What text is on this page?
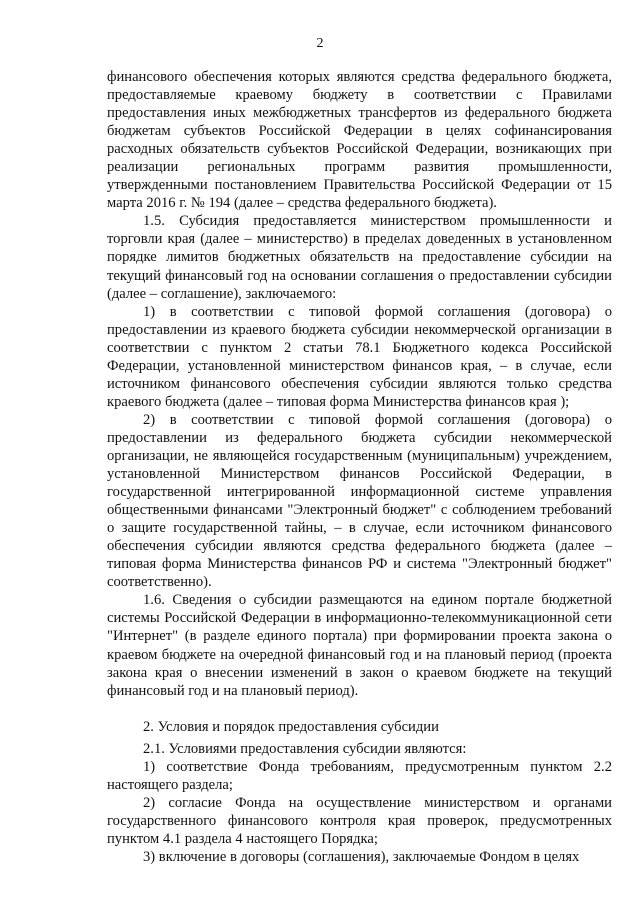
2

финансового обеспечения которых являются средства федерального бюджета, предоставляемые краевому бюджету в соответствии с Правилами предоставления иных межбюджетных трансфертов из федерального бюджета бюджетам субъектов Российской Федерации в целях софинансирования расходных обязательств субъектов Российской Федерации, возникающих при реализации региональных программ развития промышленности, утвержденными постановлением Правительства Российской Федерации от 15 марта 2016 г. № 194 (далее – средства федерального бюджета).

1.5. Субсидия предоставляется министерством промышленности и торговли края (далее – министерство) в пределах доведенных в установленном порядке лимитов бюджетных обязательств на предоставление субсидии на текущий финансовый год на основании соглашения о предоставлении субсидии (далее – соглашение), заключаемого:

1) в соответствии с типовой формой соглашения (договора) о предоставлении из краевого бюджета субсидии некоммерческой организации в соответствии с пунктом 2 статьи 78.1 Бюджетного кодекса Российской Федерации, установленной министерством финансов края, – в случае, если источником финансового обеспечения субсидии являются только средства краевого бюджета (далее – типовая форма Министерства финансов края );

2) в соответствии с типовой формой соглашения (договора) о предоставлении из федерального бюджета субсидии некоммерческой организации, не являющейся государственным (муниципальным) учреждением, установленной Министерством финансов Российской Федерации, в государственной интегрированной информационной системе управления общественными финансами "Электронный бюджет" с соблюдением требований о защите государственной тайны, – в случае, если источником финансового обеспечения субсидии являются средства федерального бюджета (далее – типовая форма Министерства финансов РФ и система "Электронный бюджет" соответственно).

1.6. Сведения о субсидии размещаются на едином портале бюджетной системы Российской Федерации в информационно-телекоммуникационной сети "Интернет" (в разделе единого портала) при формировании проекта закона о краевом бюджете на очередной финансовый год и на плановый период (проекта закона края о внесении изменений в закон о краевом бюджете на текущий финансовый год и на плановый период).

2. Условия и порядок предоставления субсидии

2.1. Условиями предоставления субсидии являются:

1) соответствие Фонда требованиям, предусмотренным пунктом 2.2 настоящего раздела;

2) согласие Фонда на осуществление министерством и органами государственного финансового контроля края проверок, предусмотренных пунктом 4.1 раздела 4 настоящего Порядка;

3) включение в договоры (соглашения), заключаемые Фондом в целях
